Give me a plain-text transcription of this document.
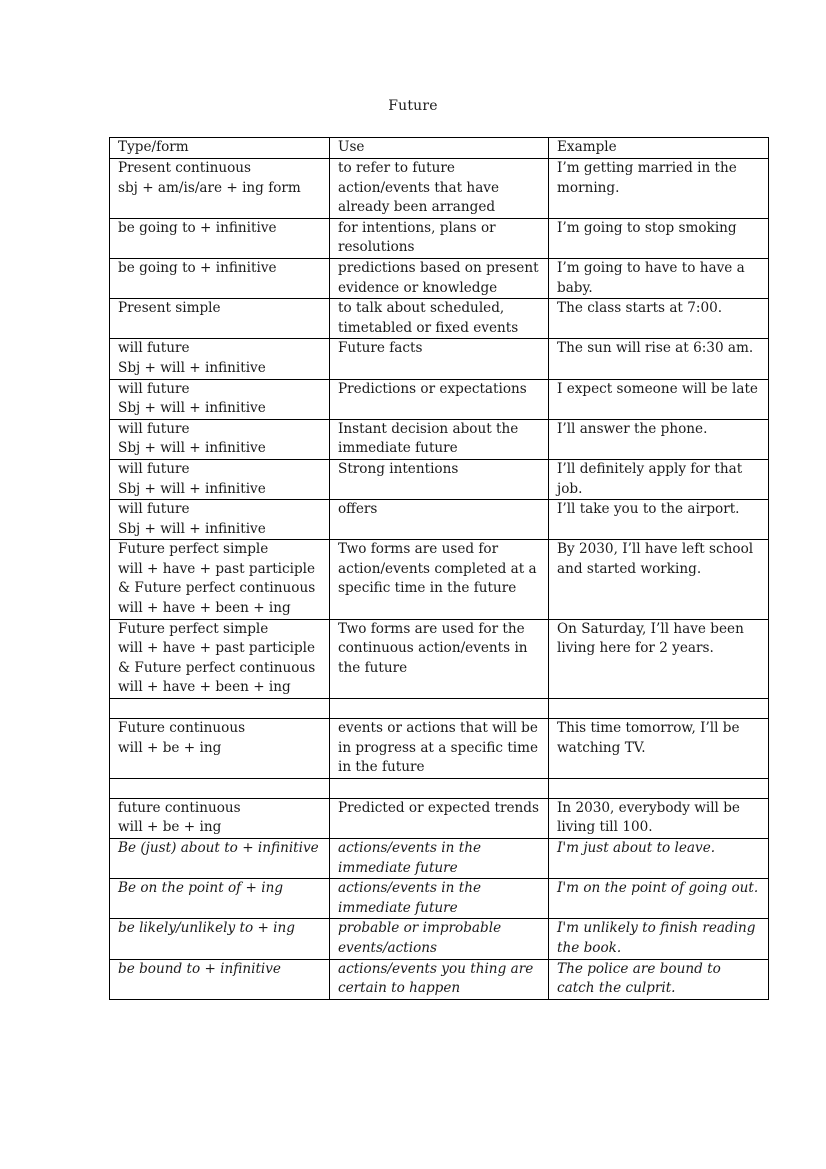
Future
Type/form	Use	Example

Present continuous
sbj + am/is/are + ing form	to refer to future action/events that have already been arranged	I’m getting married in the morning.

be going to + infinitive	for intentions, plans or resolutions	I’m going to stop smoking

be going to + infinitive	predictions based on present evidence or knowledge	I’m going to have to have a baby.

Present simple	to talk about scheduled, timetabled or fixed events	The class starts at 7:00.

will future
Sbj + will + infinitive	Future facts	The sun will rise at 6:30 am.

will future
Sbj + will + infinitive	Predictions or expectations	I expect someone will be late

will future
Sbj + will + infinitive	Instant decision about the immediate future	I’ll answer the phone.

will future
Sbj + will + infinitive	Strong intentions	I’ll definitely apply for that job.

will future
Sbj + will + infinitive	offers	I’ll take you to the airport.

Future perfect simple
will + have + past participle
& Future perfect continuous
will + have + been + ing	Two forms are used for action/events completed at a specific time in the future	By 2030, I’ll have left school and started working.

Future perfect simple
will + have + past participle
& Future perfect continuous
will + have + been + ing	Two forms are used for the continuous action/events in the future	On Saturday, I’ll have been living here for 2 years.

Future continuous
will + be + ing	events or actions that will be in progress at a specific time in the future	This time tomorrow, I’ll be watching TV.

future continuous
will + be + ing	Predicted or expected trends	In 2030, everybody will be living till 100.

Be (just) about to + infinitive	actions/events in the immediate future	I'm just about to leave.

Be on the point of + ing	actions/events in the immediate future	I'm on the point of going out.

be likely/unlikely to + ing	probable or improbable events/actions	I'm unlikely to finish reading the book.

be bound to + infinitive	actions/events you thing are certain to happen	The police are bound to catch the culprit.
